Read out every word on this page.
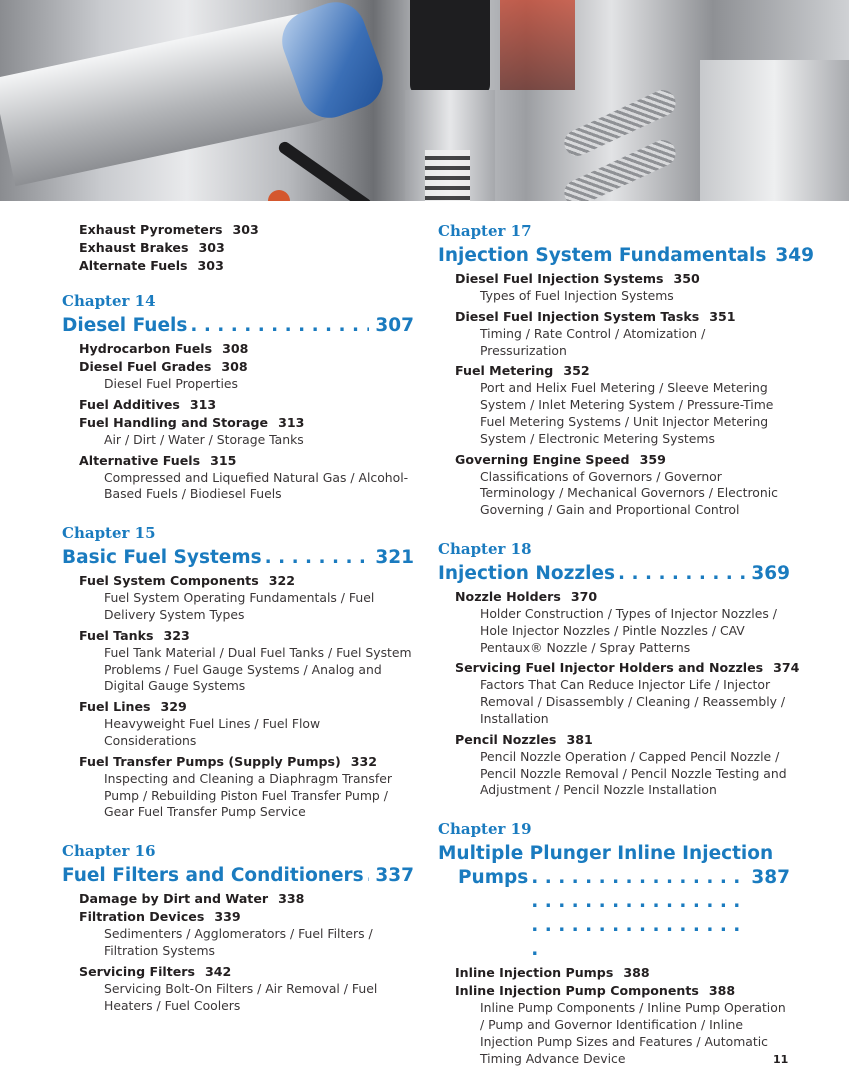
Exhaust Pyrometers 303
Exhaust Brakes 303
Alternate Fuels 303
Chapter 14
Diesel Fuels . . .	307
Hydrocarbon Fuels 308
Diesel Fuel Grades 308
Diesel Fuel Properties
Fuel Additives 313
Fuel Handling and Storage 313
Air / Dirt / Water / Storage Tanks
Alternative Fuels 315
Compressed and Liquefied Natural Gas / Alcohol-Based Fuels / Biodiesel Fuels
Chapter 15
Basic Fuel Systems . . .	321
Fuel System Components 322
Fuel System Operating Fundamentals / Fuel Delivery System Types
Fuel Tanks 323
Fuel Tank Material / Dual Fuel Tanks / Fuel System Problems / Fuel Gauge Systems / Analog and Digital Gauge Systems
Fuel Lines 329
Heavyweight Fuel Lines / Fuel Flow Considerations
Fuel Transfer Pumps (Supply Pumps) 332
Inspecting and Cleaning a Diaphragm Transfer Pump / Rebuilding Piston Fuel Transfer Pump / Gear Fuel Transfer Pump Service
Chapter 16
Fuel Filters and Conditioners . . . 337
Damage by Dirt and Water 338
Filtration Devices 339
Sedimenters / Agglomerators / Fuel Filters / Filtration Systems
Servicing Filters 342
Servicing Bolt-On Filters / Air Removal / Fuel Heaters / Fuel Coolers
Chapter 17
Injection System Fundamentals . . . 349
Diesel Fuel Injection Systems 350
Types of Fuel Injection Systems
Diesel Fuel Injection System Tasks 351
Timing / Rate Control / Atomization / Pressurization
Fuel Metering 352
Port and Helix Fuel Metering / Sleeve Metering System / Inlet Metering System / Pressure-Time Fuel Metering Systems / Unit Injector Metering System / Electronic Metering Systems
Governing Engine Speed 359
Classifications of Governors / Governor Terminology / Mechanical Governors / Electronic Governing / Gain and Proportional Control
Chapter 18
Injection Nozzles . . .	369
Nozzle Holders 370
Holder Construction / Types of Injector Nozzles / Hole Injector Nozzles / Pintle Nozzles / CAV Pentaux® Nozzle / Spray Patterns
Servicing Fuel Injector Holders and Nozzles 374
Factors That Can Reduce Injector Life / Injector Removal / Disassembly / Cleaning / Reassembly / Installation
Pencil Nozzles 381
Pencil Nozzle Operation / Capped Pencil Nozzle / Pencil Nozzle Removal / Pencil Nozzle Testing and Adjustment / Pencil Nozzle Installation
Chapter 19
Multiple Plunger Inline Injection
Pumps . . .	387
Inline Injection Pumps 388
Inline Injection Pump Components 388
Inline Pump Components / Inline Pump Operation / Pump and Governor Identification / Inline Injection Pump Sizes and Features / Automatic Timing Advance Device	11
